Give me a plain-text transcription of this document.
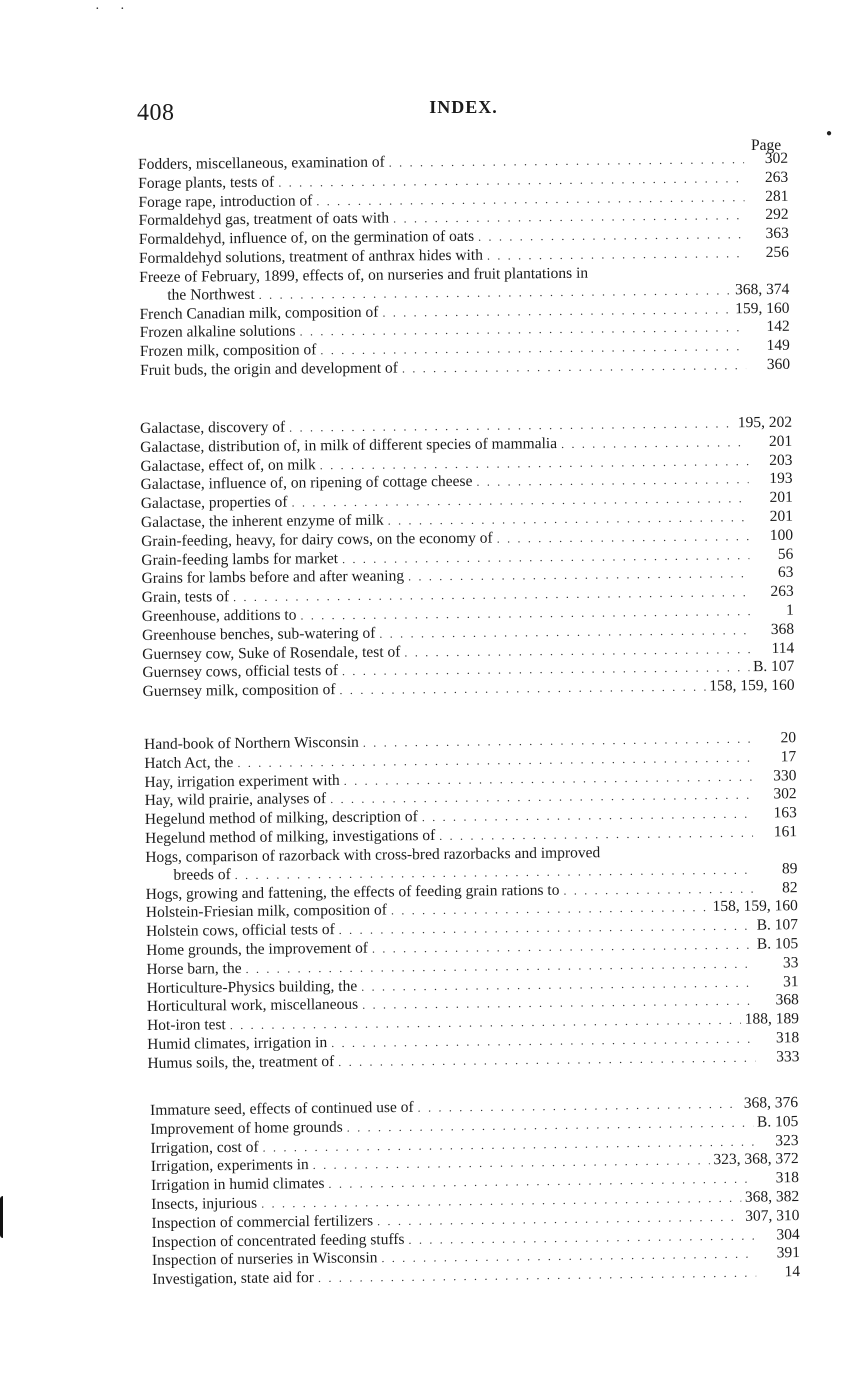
· ·
●
408	INDEX.
Page
Fodders, miscellaneous, examination of . . .	302
Forage plants, tests of . . .	263
Forage rape, introduction of . . .	281
Formaldehyd gas, treatment of oats with . . .	292
Formaldehyd, influence of, on the germination of oats . . .	363
Formaldehyd solutions, treatment of anthrax hides with . . .	256
Freeze of February, 1899, effects of, on nurseries and fruit plantations in
the Northwest . . .	368, 374
French Canadian milk, composition of . . .	159, 160
Frozen alkaline solutions . . .	142
Frozen milk, composition of . . .	149
Fruit buds, the origin and development of . . .	360
Galactase, discovery of . . .	195, 202
Galactase, distribution of, in milk of different species of mammalia . . .	201
Galactase, effect of, on milk . . .	203
Galactase, influence of, on ripening of cottage cheese . . .	193
Galactase, properties of . . .	201
Galactase, the inherent enzyme of milk . . .	201
Grain-feeding, heavy, for dairy cows, on the economy of . . .	100
Grain-feeding lambs for market . . .	56
Grains for lambs before and after weaning . . .	63
Grain, tests of . . .	263
Greenhouse, additions to . . .	1
Greenhouse benches, sub-watering of . . .	368
Guernsey cow, Suke of Rosendale, test of . . .	114
Guernsey cows, official tests of . . .	B. 107
Guernsey milk, composition of . . .	158, 159, 160
Hand-book of Northern Wisconsin . . .	20
Hatch Act, the . . .	17
Hay, irrigation experiment with . . .	330
Hay, wild prairie, analyses of . . .	302
Hegelund method of milking, description of . . .	163
Hegelund method of milking, investigations of . . .	161
Hogs, comparison of razorback with cross-bred razorbacks and improved
breeds of . . .	89
Hogs, growing and fattening, the effects of feeding grain rations to . . .	82
Holstein-Friesian milk, composition of . . .	158, 159, 160
Holstein cows, official tests of . . .	B. 107
Home grounds, the improvement of . . .	B. 105
Horse barn, the . . .	33
Horticulture-Physics building, the . . .	31
Horticultural work, miscellaneous . . .	368
Hot-iron test . . .	188, 189
Humid climates, irrigation in . . .	318
Humus soils, the, treatment of . . .	333
Immature seed, effects of continued use of . . .	368, 376
Improvement of home grounds . . .	B. 105
Irrigation, cost of . . .	323
Irrigation, experiments in . . .	323, 368, 372
Irrigation in humid climates . . .	318
Insects, injurious . . .	368, 382
Inspection of commercial fertilizers . . .	307, 310
Inspection of concentrated feeding stuffs . . .	304
Inspection of nurseries in Wisconsin . . .	391
Investigation, state aid for . . .	14
